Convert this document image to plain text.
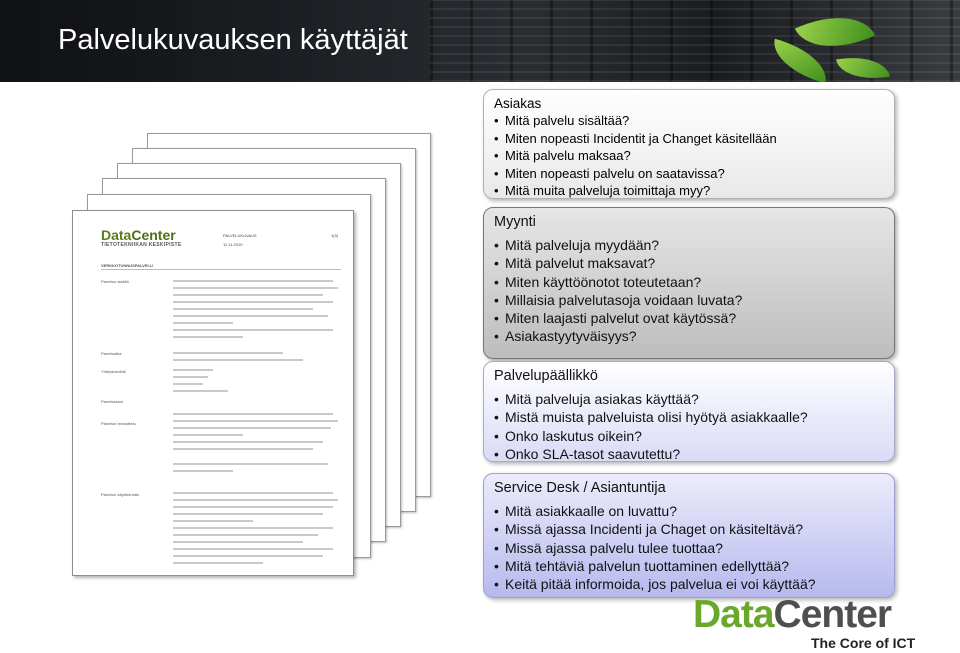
Palvelukuvauksen käyttäjät
DataCenter
TIETOTEKNIIKAN KESKIPISTE
PALVELUKUVAUS	1(3)
11.11.2010
VERKKOTUNNUSPALVELU
Palvelun sisältö
Palveluaika
Yhteyshenkilö
Palvelutasot
Palvelun hinnoittelu
Palvelun käyttöönotto
Asiakas
• Mitä palvelu sisältää?
• Miten nopeasti Incidentit ja Changet käsitellään
• Mitä palvelu maksaa?
• Miten nopeasti palvelu on saatavissa?
• Mitä muita palveluja toimittaja myy?
Myynti
• Mitä palveluja myydään?
• Mitä palvelut maksavat?
• Miten käyttöönotot toteutetaan?
• Millaisia palvelutasoja voidaan luvata?
• Miten laajasti palvelut ovat käytössä?
• Asiakastyytyväisyys?
Palvelupäällikkö
• Mitä palveluja asiakas käyttää?
• Mistä muista palveluista olisi hyötyä asiakkaalle?
• Onko laskutus oikein?
• Onko SLA-tasot saavutettu?
Service Desk / Asiantuntija
• Mitä asiakkaalle on luvattu?
• Missä ajassa Incidenti ja Chaget on käsiteltävä?
• Missä ajassa palvelu tulee tuottaa?
• Mitä tehtäviä palvelun tuottaminen edellyttää?
• Keitä pitää informoida, jos palvelua ei voi käyttää?
DataCenter
The Core of ICT
